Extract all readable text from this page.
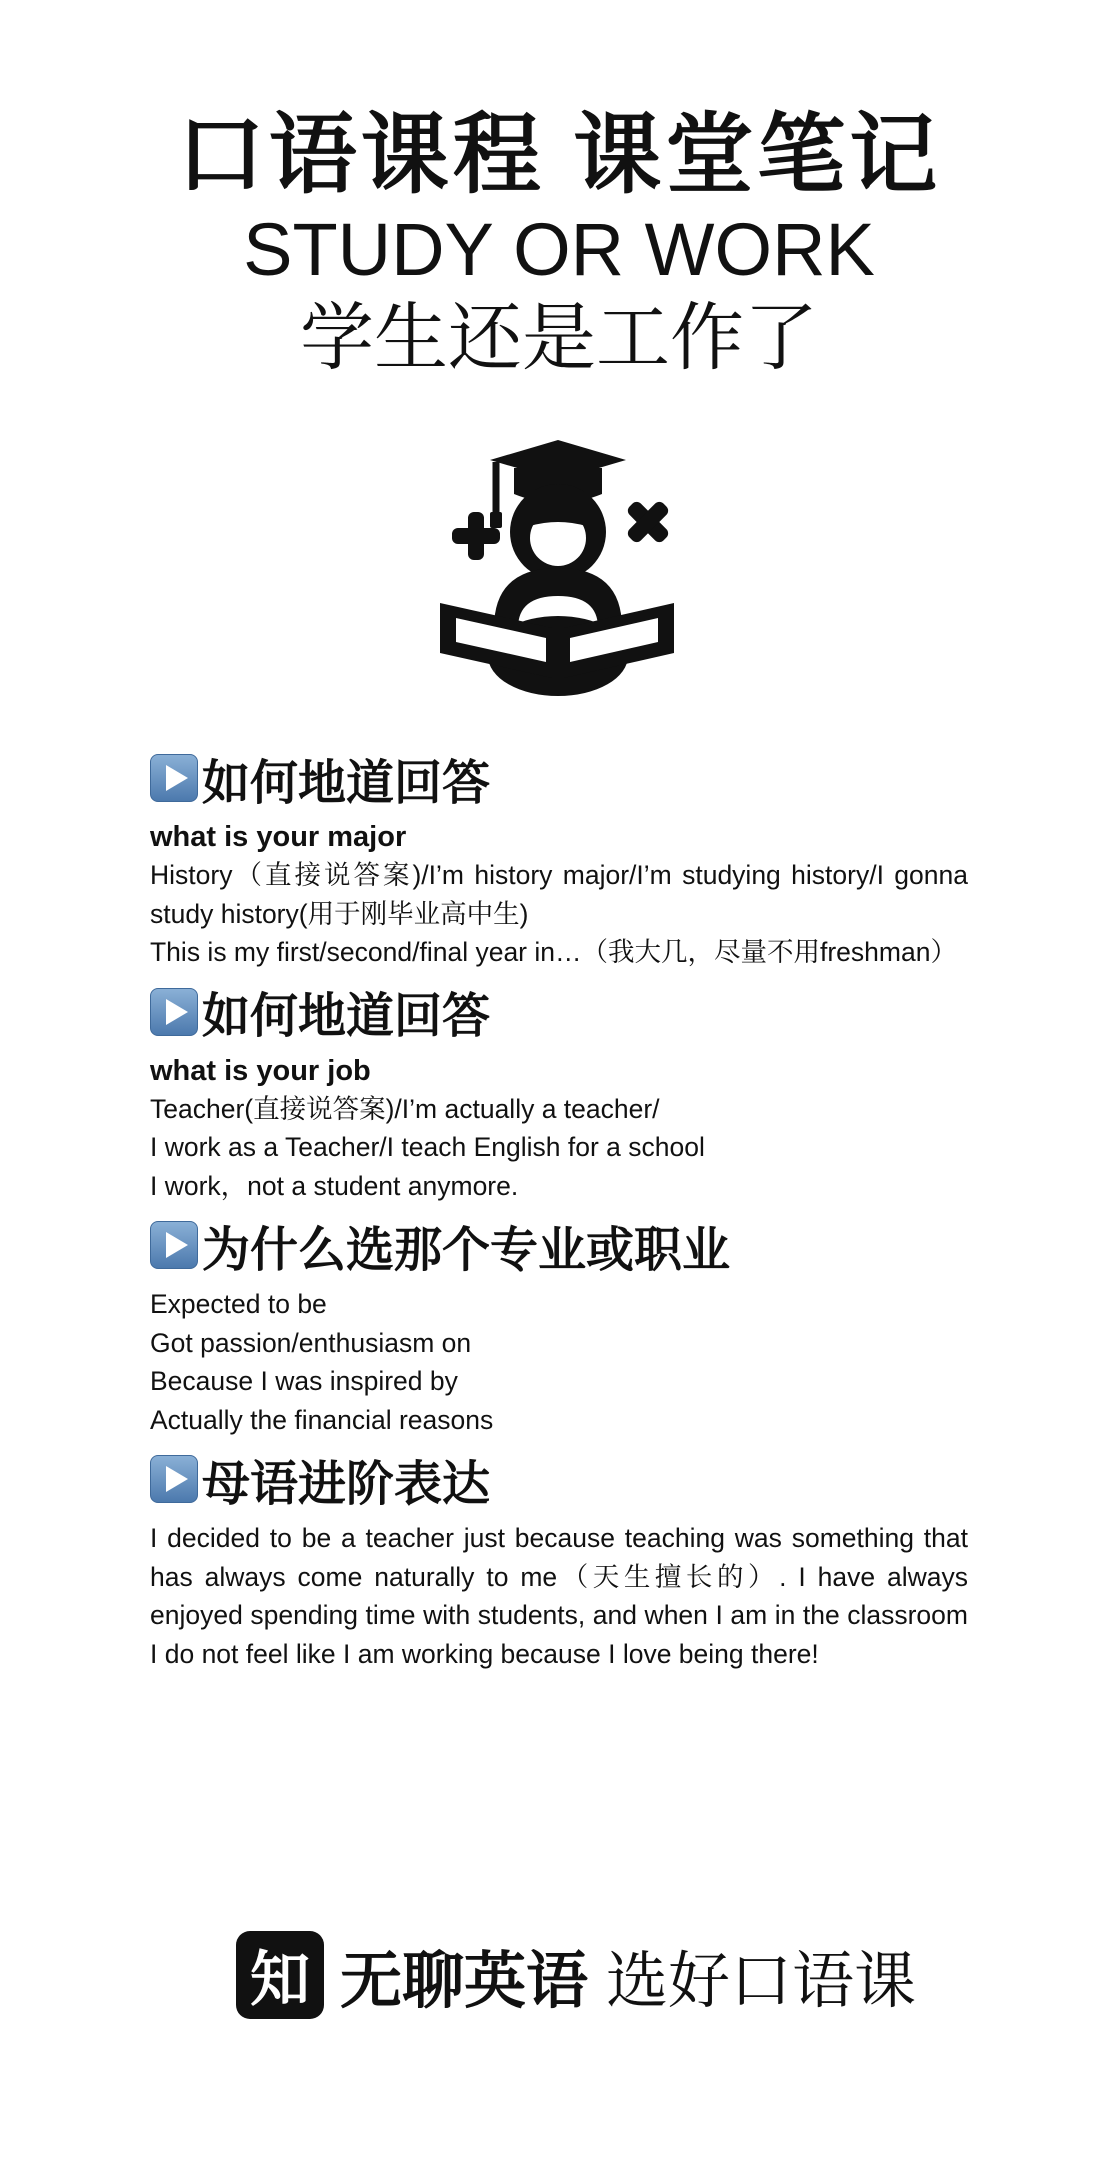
口语课程 课堂笔记
STUDY OR WORK
学生还是工作了
如何地道回答
what is your major

History（直接说答案)/I’m history major/I’m studying history/I gonna study history(用于刚毕业高中生)

This is my first/second/final year in…（我大几，尽量不用freshman）

如何地道回答
what is your job

Teacher(直接说答案)/I’m actually a teacher/

I work as a Teacher/I teach English for a school

I work，not a student anymore.

为什么选那个专业或职业

Expected to be

Got passion/enthusiasm on

Because I was inspired by

Actually the financial reasons

母语进阶表达

I decided to be a teacher just because teaching was something that has always come naturally to me（天生擅长的）. I have always enjoyed spending time with students, and when I am in the classroom I do not feel like I am working because I love being there!

知 无聊英语 选好口语课
